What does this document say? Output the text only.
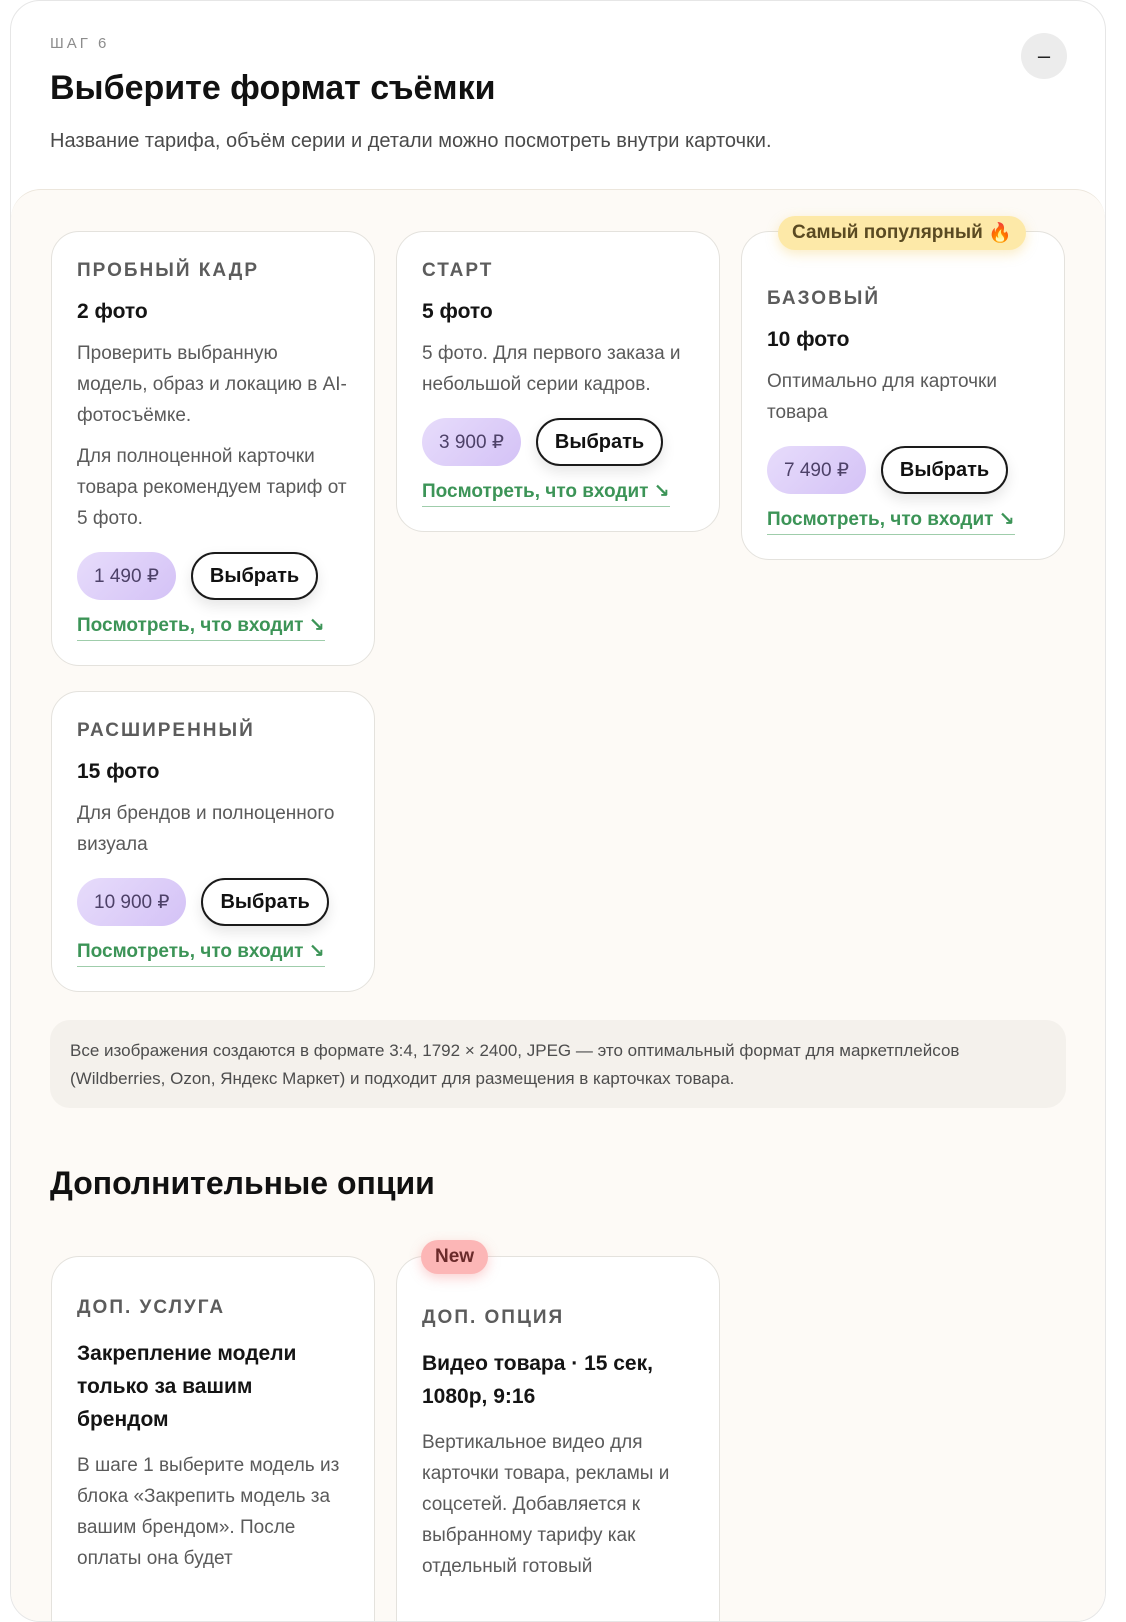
ШАГ 6	–
Выберите формат съёмки

Название тарифа, объём серии и детали можно посмотреть внутри карточки.

ПРОБНЫЙ КАДР

2 фото

Проверить выбранную модель, образ и локацию в AI-фотосъёмке.

Для полноценной карточки товара рекомендуем тариф от 5 фото.

1 490 ₽	Выбрать
Посмотреть, что входит ↘

СТАРТ

5 фото

5 фото. Для первого заказа и небольшой серии кадров.

3 900 ₽	Выбрать
Посмотреть, что входит ↘
Самый популярный 🔥

БАЗОВЫЙ

10 фото

Оптимально для карточки товара

7 490 ₽	Выбрать
Посмотреть, что входит ↘

РАСШИРЕННЫЙ

15 фото

Для брендов и полноценного визуала

10 900 ₽	Выбрать
Посмотреть, что входит ↘
Все изображения создаются в формате 3:4, 1792 × 2400, JPEG — это оптимальный формат для маркетплейсов (Wildberries, Ozon, Яндекс Маркет) и подходит для размещения в карточках товара.
Дополнительные опции

ДОП. УСЛУГА

Закрепление модели только за вашим брендом

В шаге 1 выберите модель из блока «Закрепить модель за вашим брендом». После оплаты она будет

New

ДОП. ОПЦИЯ

Видео товара · 15 сек, 1080p, 9:16

Вертикальное видео для карточки товара, рекламы и соцсетей. Добавляется к выбранному тарифу как отдельный готовый
